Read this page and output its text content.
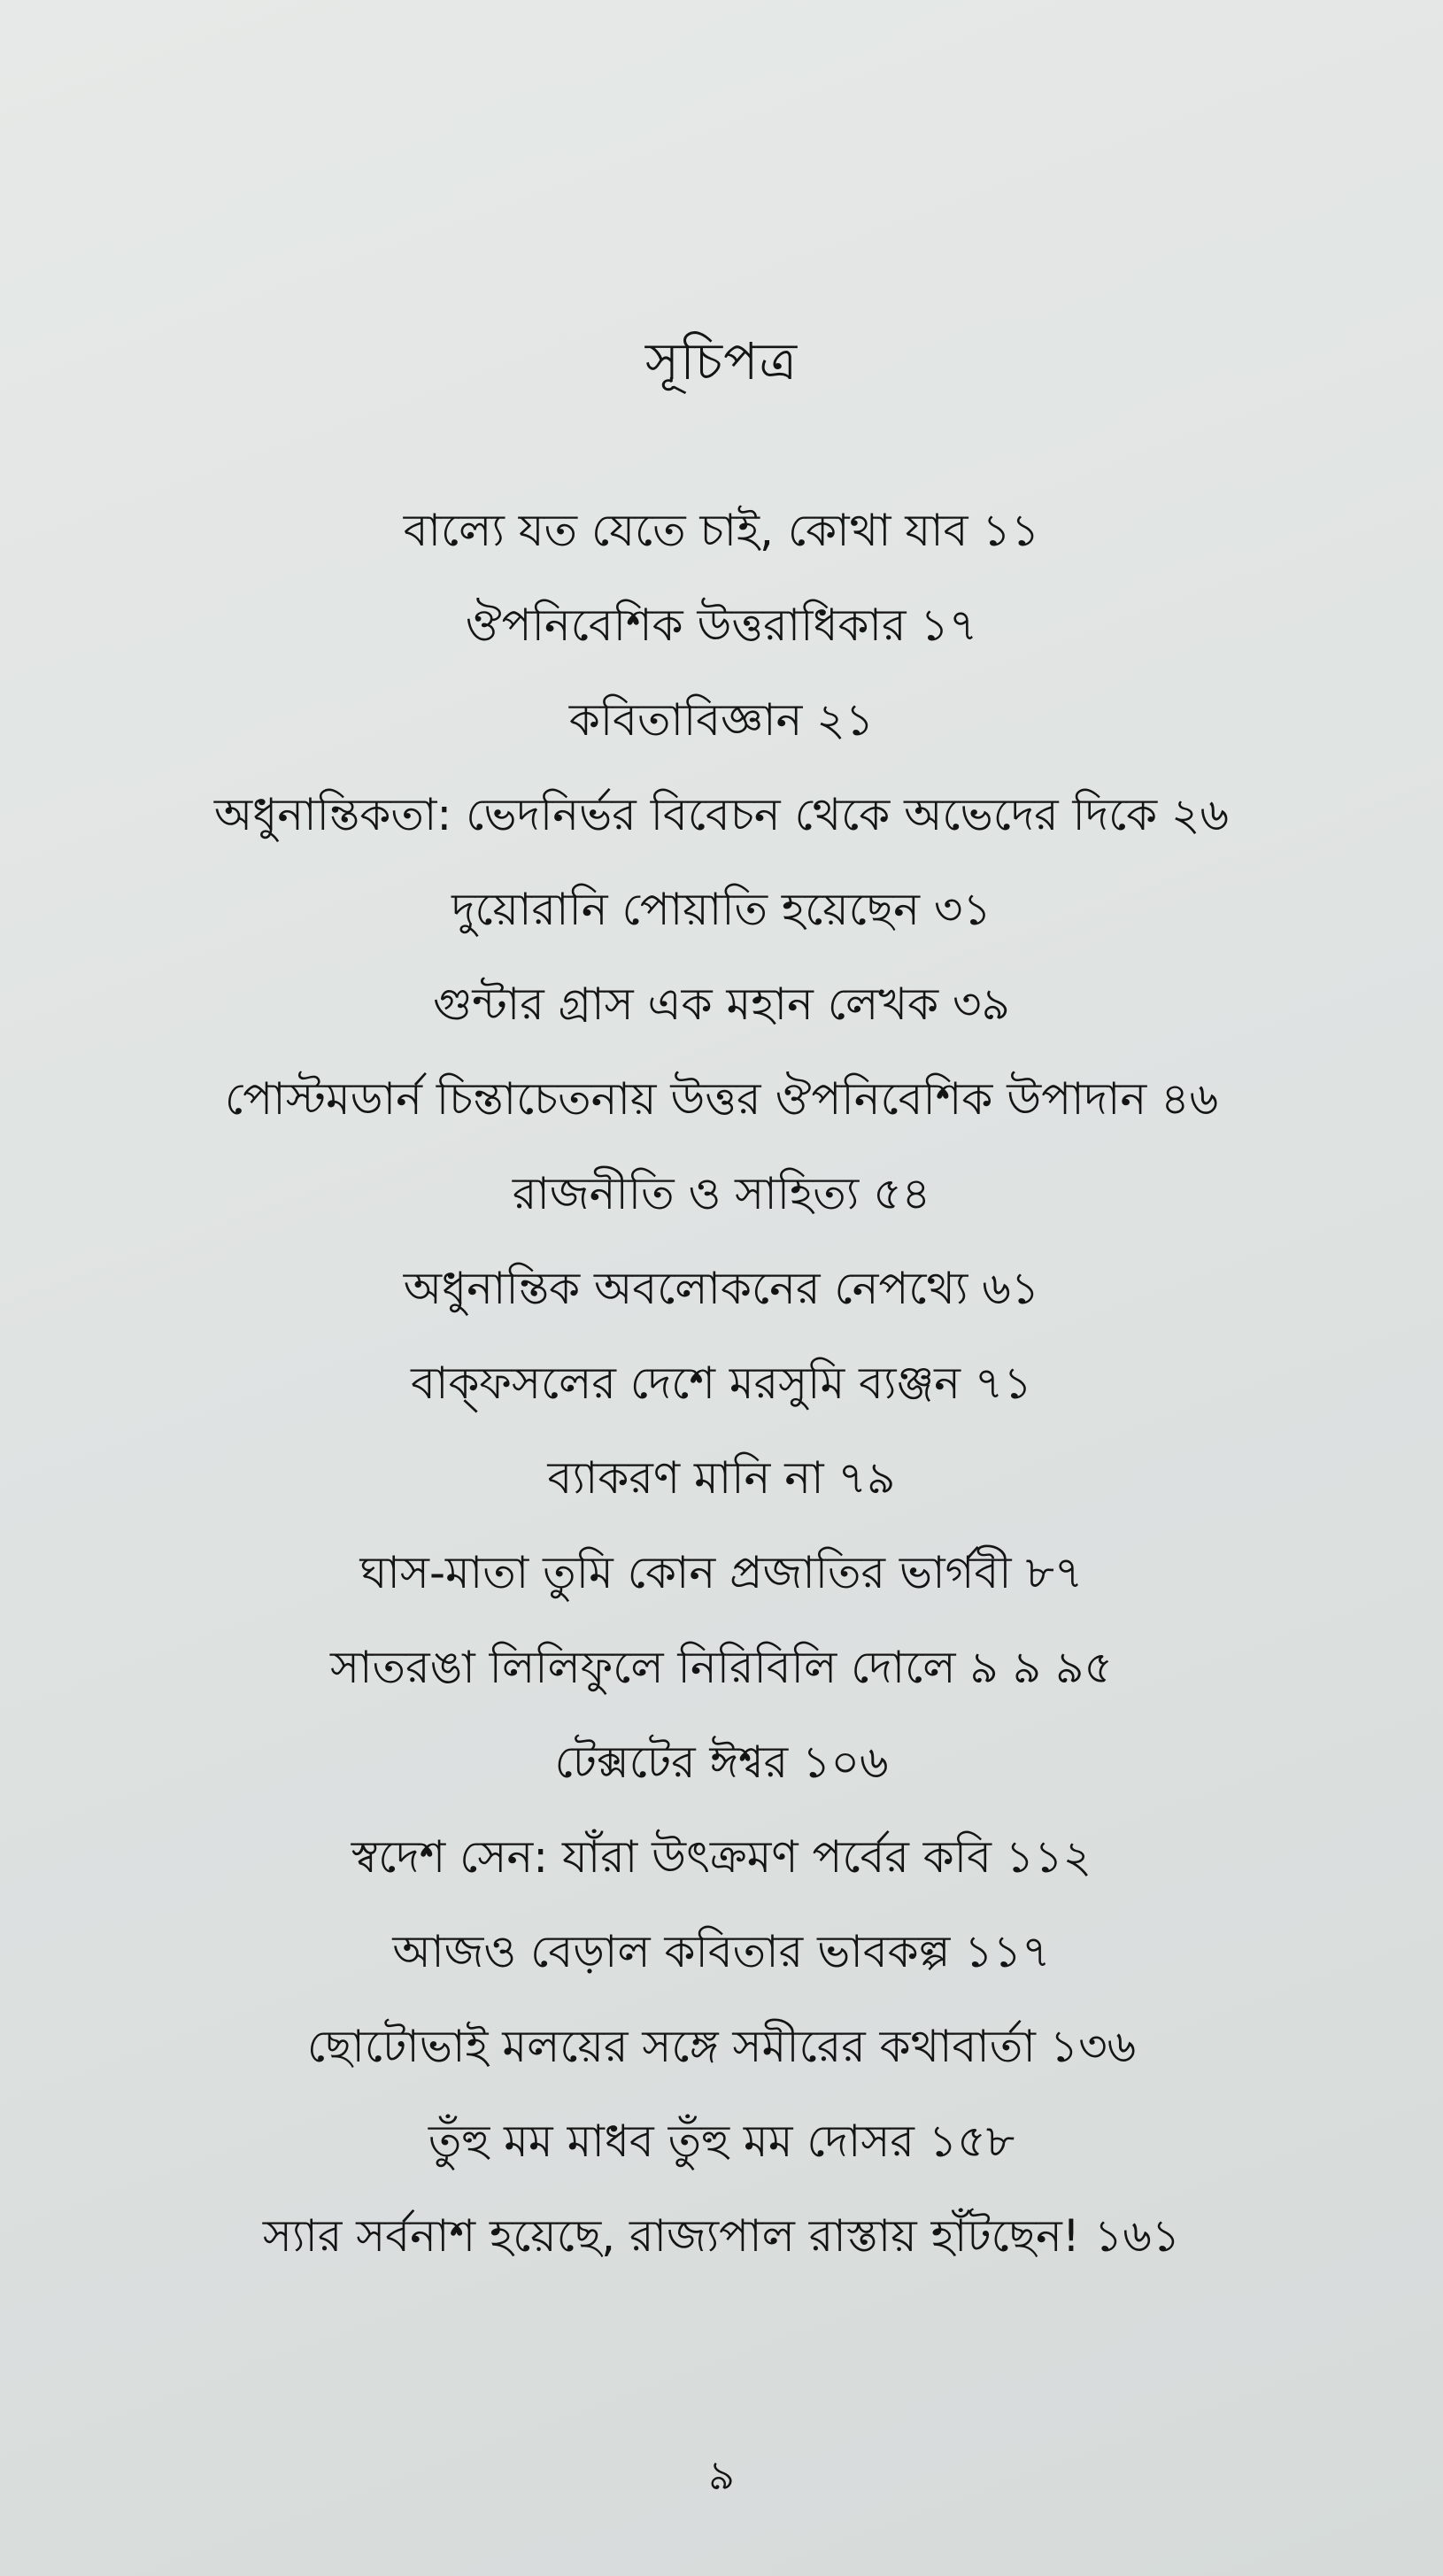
সূচিপত্র
বাল্যে যত যেতে চাই, কোথা যাব ১১
ঔপনিবেশিক উত্তরাধিকার ১৭
কবিতাবিজ্ঞান ২১
অধুনান্তিকতা: ভেদনির্ভর বিবেচন থেকে অভেদের দিকে ২৬
দুয়োরানি পোয়াতি হয়েছেন ৩১
গুন্টার গ্রাস এক মহান লেখক ৩৯
পোস্টমডার্ন চিন্তাচেতনায় উত্তর ঔপনিবেশিক উপাদান ৪৬
রাজনীতি ও সাহিত্য ৫৪
অধুনান্তিক অবলোকনের নেপথ্যে ৬১
বাক্‌ফসলের দেশে মরসুমি ব্যঞ্জন ৭১
ব্যাকরণ মানি না ৭৯
ঘাস-মাতা তুমি কোন প্রজাতির ভার্গবী ৮৭
সাতরঙা লিলিফুলে নিরিবিলি দোলে ৯ ৯ ৯৫
টেক্সটের ঈশ্বর ১০৬
স্বদেশ সেন: যাঁরা উৎক্রমণ পর্বের কবি ১১২
আজও বেড়াল কবিতার ভাবকল্প ১১৭
ছোটোভাই মলয়ের সঙ্গে সমীরের কথাবার্তা ১৩৬
তুঁহু মম মাধব তুঁহু মম দোসর ১৫৮
স্যার সর্বনাশ হয়েছে, রাজ্যপাল রাস্তায় হাঁটছেন! ১৬১
৯
